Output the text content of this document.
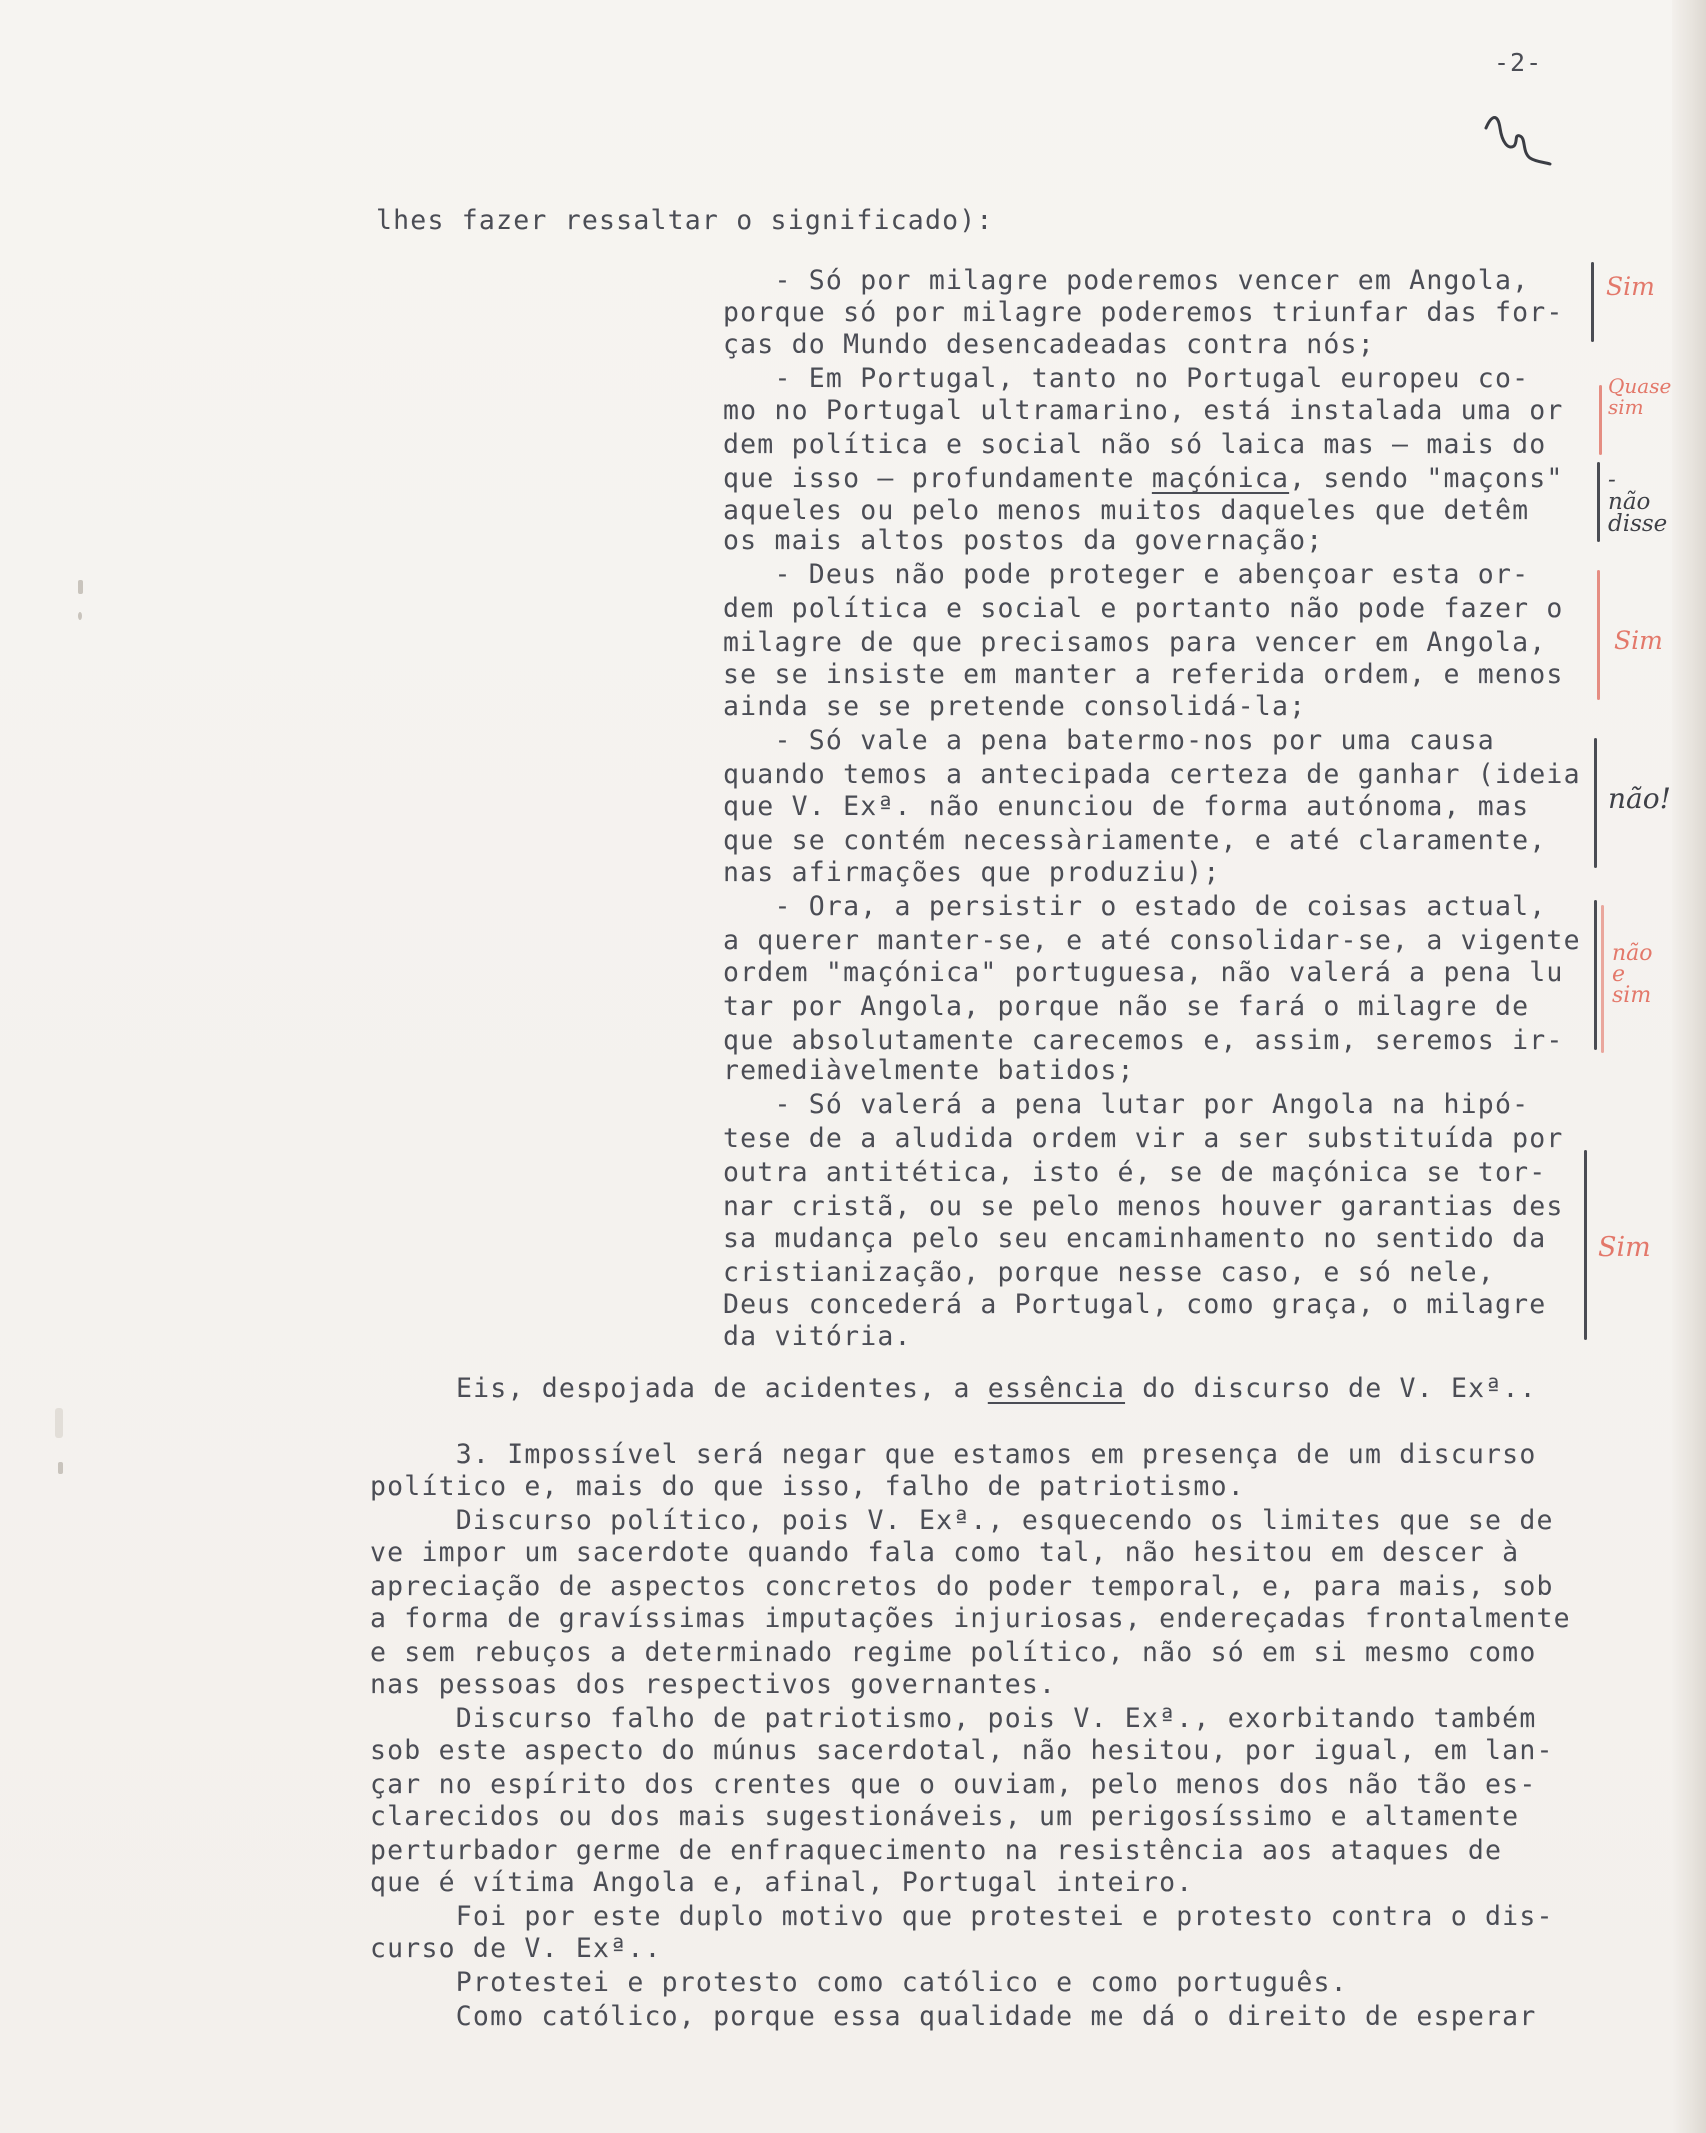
-2-
lhes fazer ressaltar o significado):
- Só por milagre poderemos vencer em Angola,
porque só por milagre poderemos triunfar das for-
ças do Mundo desencadeadas contra nós;
- Em Portugal, tanto no Portugal europeu co-
mo no Portugal ultramarino, está instalada uma or
dem política e social não só laica mas — mais do
que isso — profundamente maçónica, sendo "maçons"
aqueles ou pelo menos muitos daqueles que detêm
os mais altos postos da governação;
- Deus não pode proteger e abençoar esta or-
dem política e social e portanto não pode fazer o
milagre de que precisamos para vencer em Angola,
se se insiste em manter a referida ordem, e menos
ainda se se pretende consolidá-la;
- Só vale a pena batermo-nos por uma causa
quando temos a antecipada certeza de ganhar (ideia
que V. Exª. não enunciou de forma autónoma, mas
que se contém necessàriamente, e até claramente,
nas afirmações que produziu);
- Ora, a persistir o estado de coisas actual,
a querer manter-se, e até consolidar-se, a vigente
ordem "maçónica" portuguesa, não valerá a pena lu
tar por Angola, porque não se fará o milagre de
que absolutamente carecemos e, assim, seremos ir-
remediàvelmente batidos;
- Só valerá a pena lutar por Angola na hipó-
tese de a aludida ordem vir a ser substituída por
outra antitética, isto é, se de maçónica se tor-
nar cristã, ou se pelo menos houver garantias des
sa mudança pelo seu encaminhamento no sentido da
cristianização, porque nesse caso, e só nele,
Deus concederá a Portugal, como graça, o milagre
da vitória.
Sim
Quase
sim
-
não
disse
Sim
não!
não
e
sim
Sim
Eis, despojada de acidentes, a essência do discurso de V. Exª..
3. Impossível será negar que estamos em presença de um discurso
político e, mais do que isso, falho de patriotismo.
Discurso político, pois V. Exª., esquecendo os limites que se de
ve impor um sacerdote quando fala como tal, não hesitou em descer à
apreciação de aspectos concretos do poder temporal, e, para mais, sob
a forma de gravíssimas imputações injuriosas, endereçadas frontalmente
e sem rebuços a determinado regime político, não só em si mesmo como
nas pessoas dos respectivos governantes.
Discurso falho de patriotismo, pois V. Exª., exorbitando também
sob este aspecto do múnus sacerdotal, não hesitou, por igual, em lan-
çar no espírito dos crentes que o ouviam, pelo menos dos não tão es-
clarecidos ou dos mais sugestionáveis, um perigosíssimo e altamente
perturbador germe de enfraquecimento na resistência aos ataques de
que é vítima Angola e, afinal, Portugal inteiro.
Foi por este duplo motivo que protestei e protesto contra o dis-
curso de V. Exª..
Protestei e protesto como católico e como português.
Como católico, porque essa qualidade me dá o direito de esperar
